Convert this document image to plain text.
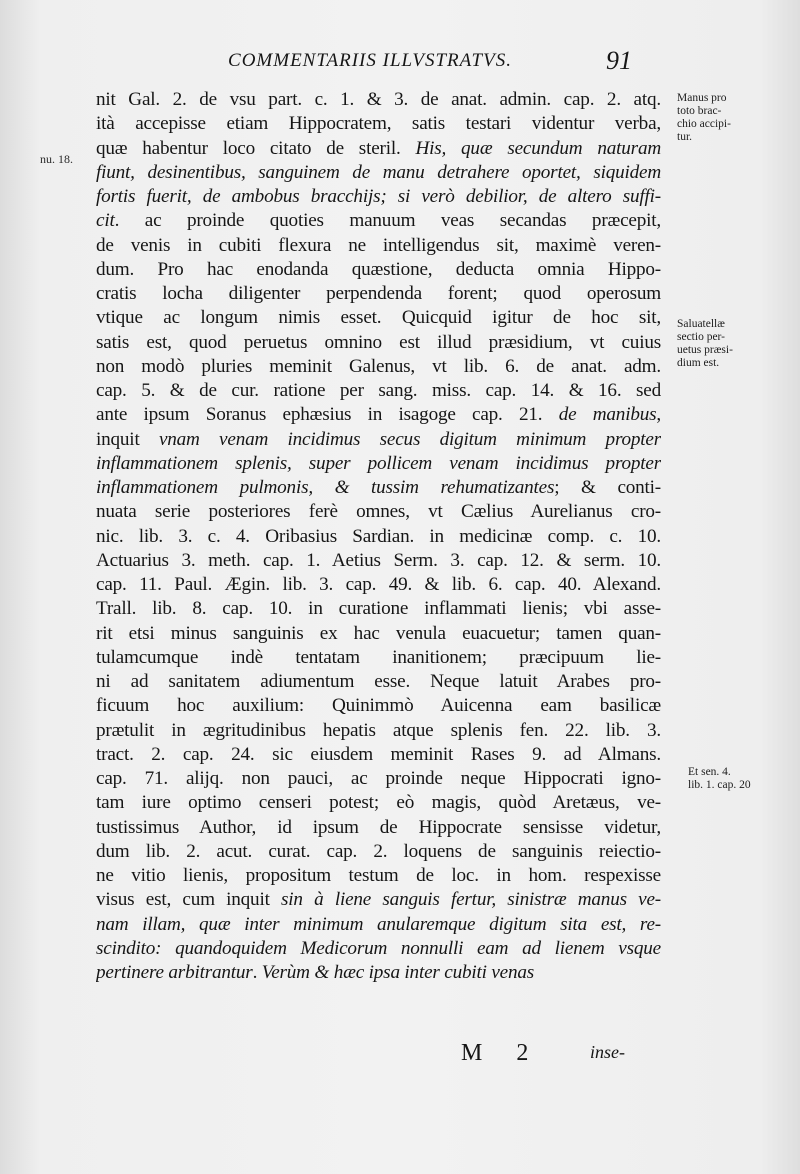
COMMENTARIIS ILLVSTRATVS.	91
nu. 18.
Manus pro
toto brac-
chio accipi-
tur.
Saluatellæ
sectio per-
uetus præsi-
dium est.
Et sen. 4.
lib. 1. cap. 20
nit Gal. 2. de vsu part. c. 1. & 3. de anat. admin. cap. 2. atq.
ità accepisse etiam Hippocratem, satis testari videntur verba,
quæ habentur loco citato de steril. His, quæ secundum naturam
fiunt, desinentibus, sanguinem de manu detrahere oportet, siquidem
fortis fuerit, de ambobus bracchijs; si verò debilior, de altero suffi-
cit. ac proinde quoties manuum veas secandas præcepit,
de venis in cubiti flexura ne intelligendus sit, maximè veren-
dum. Pro hac enodanda quæstione, deducta omnia Hippo-
cratis locha diligenter perpendenda forent; quod operosum
vtique ac longum nimis esset. Quicquid igitur de hoc sit,
satis est, quod peruetus omnino est illud præsidium, vt cuius
non modò pluries meminit Galenus, vt lib. 6. de anat. adm.
cap. 5. & de cur. ratione per sang. miss. cap. 14. & 16. sed
ante ipsum Soranus ephæsius in isagoge cap. 21. de manibus,
inquit vnam venam incidimus secus digitum minimum propter
inflammationem splenis, super pollicem venam incidimus propter
inflammationem pulmonis, & tussim rehumatizantes; & conti-
nuata serie posteriores ferè omnes, vt Cælius Aurelianus cro-
nic. lib. 3. c. 4. Oribasius Sardian. in medicinæ comp. c. 10.
Actuarius 3. meth. cap. 1. Aetius Serm. 3. cap. 12. & serm. 10.
cap. 11. Paul. Ægin. lib. 3. cap. 49. & lib. 6. cap. 40. Alexand.
Trall. lib. 8. cap. 10. in curatione inflammati lienis; vbi asse-
rit etsi minus sanguinis ex hac venula euacuetur; tamen quan-
tulamcumque indè tentatam inanitionem; præcipuum lie-
ni ad sanitatem adiumentum esse. Neque latuit Arabes pro-
ficuum hoc auxilium: Quinimmò Auicenna eam basilicæ
prætulit in ægritudinibus hepatis atque splenis fen. 22. lib. 3.
tract. 2. cap. 24. sic eiusdem meminit Rases 9. ad Almans.
cap. 71. alijq. non pauci, ac proinde neque Hippocrati igno-
tam iure optimo censeri potest; eò magis, quòd Aretæus, ve-
tustissimus Author, id ipsum de Hippocrate sensisse videtur,
dum lib. 2. acut. curat. cap. 2. loquens de sanguinis reiectio-
ne vitio lienis, propositum testum de loc. in hom. respexisse
visus est, cum inquit sin à liene sanguis fertur, sinistræ manus ve-
nam illam, quæ inter minimum anularemque digitum sita est, re-
scindito: quandoquidem Medicorum nonnulli eam ad lienem vsque
pertinere arbitrantur. Verùm & hæc ipsa inter cubiti venas
M 2	inse-
